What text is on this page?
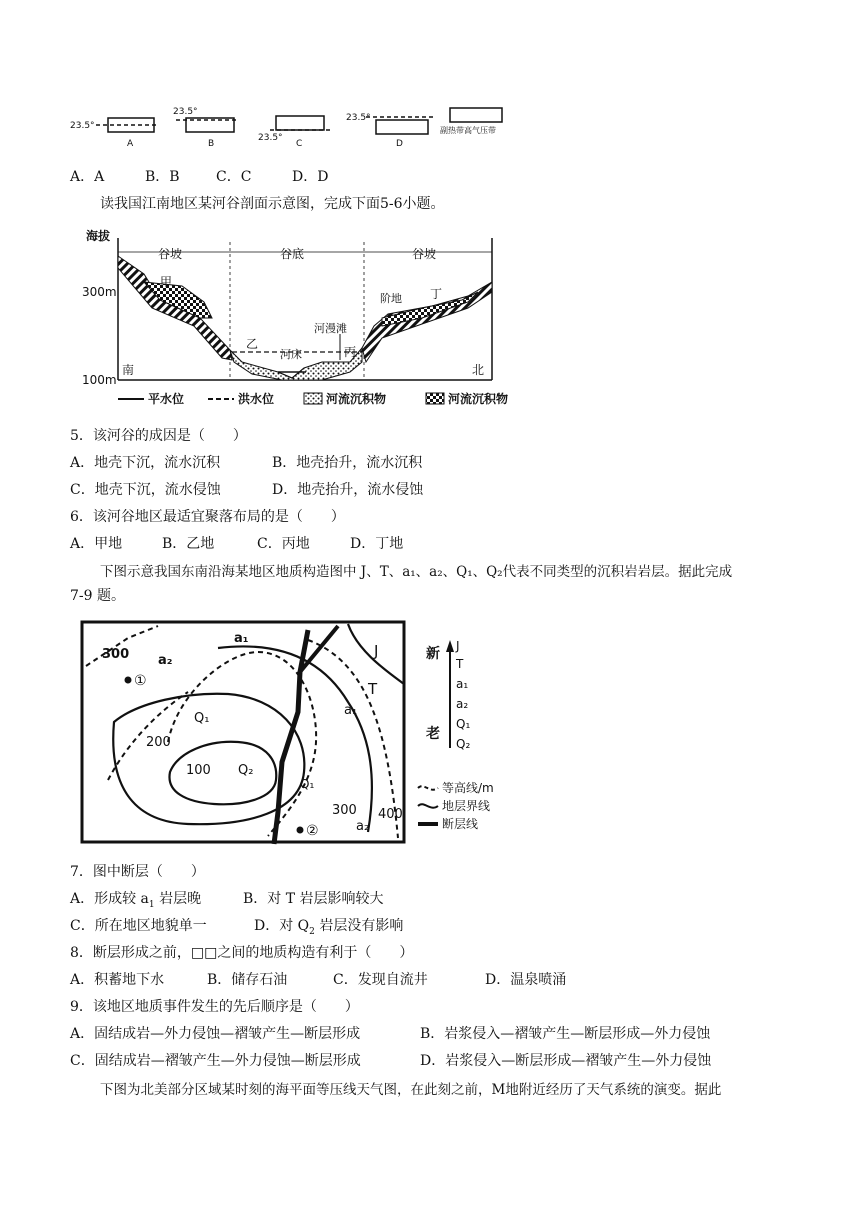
23.5°
A
23.5°
B
23.5°
C
23.5°
D
副热带高气压带
A．A	B．B	C．C	D．D
读我国江南地区某河谷剖面示意图，完成下面5-6小题。
海拔
谷坡	谷底	谷坡
300m
100m
甲
阶地 丁
乙
河床
河漫滩
丙
南	北
平水位	洪水位	河流沉积物	河流沉积物
5．该河谷的成因是（　　）
A．地壳下沉，流水沉积	B．地壳抬升，流水沉积
C．地壳下沉，流水侵蚀	D．地壳抬升，流水侵蚀
6．该河谷地区最适宜聚落布局的是（　　）
A．甲地	B．乙地	C．丙地	D．丁地
下图示意我国东南沿海某地区地质构造图中 J、T、a₁、a₂、Q₁、Q₂代表不同类型的沉积岩岩层。据此完成
7-9 题。
300
200
100
300 400
a₁
a₂
Q₁
Q₂
Q₁
a₁
a₂
J
T
①
②
新
老
J
T
a₁
a₂
Q₁
Q₂
等高线/m
地层界线
断层线
7．图中断层（　　）
A．形成较 $a_1$ 岩层晚	B．对 T 岩层影响较大
C．所在地区地貌单一	D．对 $Q_2$ 岩层没有影响
8．断层形成之前，□□之间的地质构造有利于（　　）
A．积蓄地下水	B．储存石油	C．发现自流井	D．温泉喷涌
9．该地区地质事件发生的先后顺序是（　　）
A．固结成岩—外力侵蚀—褶皱产生—断层形成	B．岩浆侵入—褶皱产生—断层形成—外力侵蚀
C．固结成岩—褶皱产生—外力侵蚀—断层形成	D．岩浆侵入—断层形成—褶皱产生—外力侵蚀
下图为北美部分区域某时刻的海平面等压线天气图，在此刻之前，M地附近经历了天气系统的演变。据此
